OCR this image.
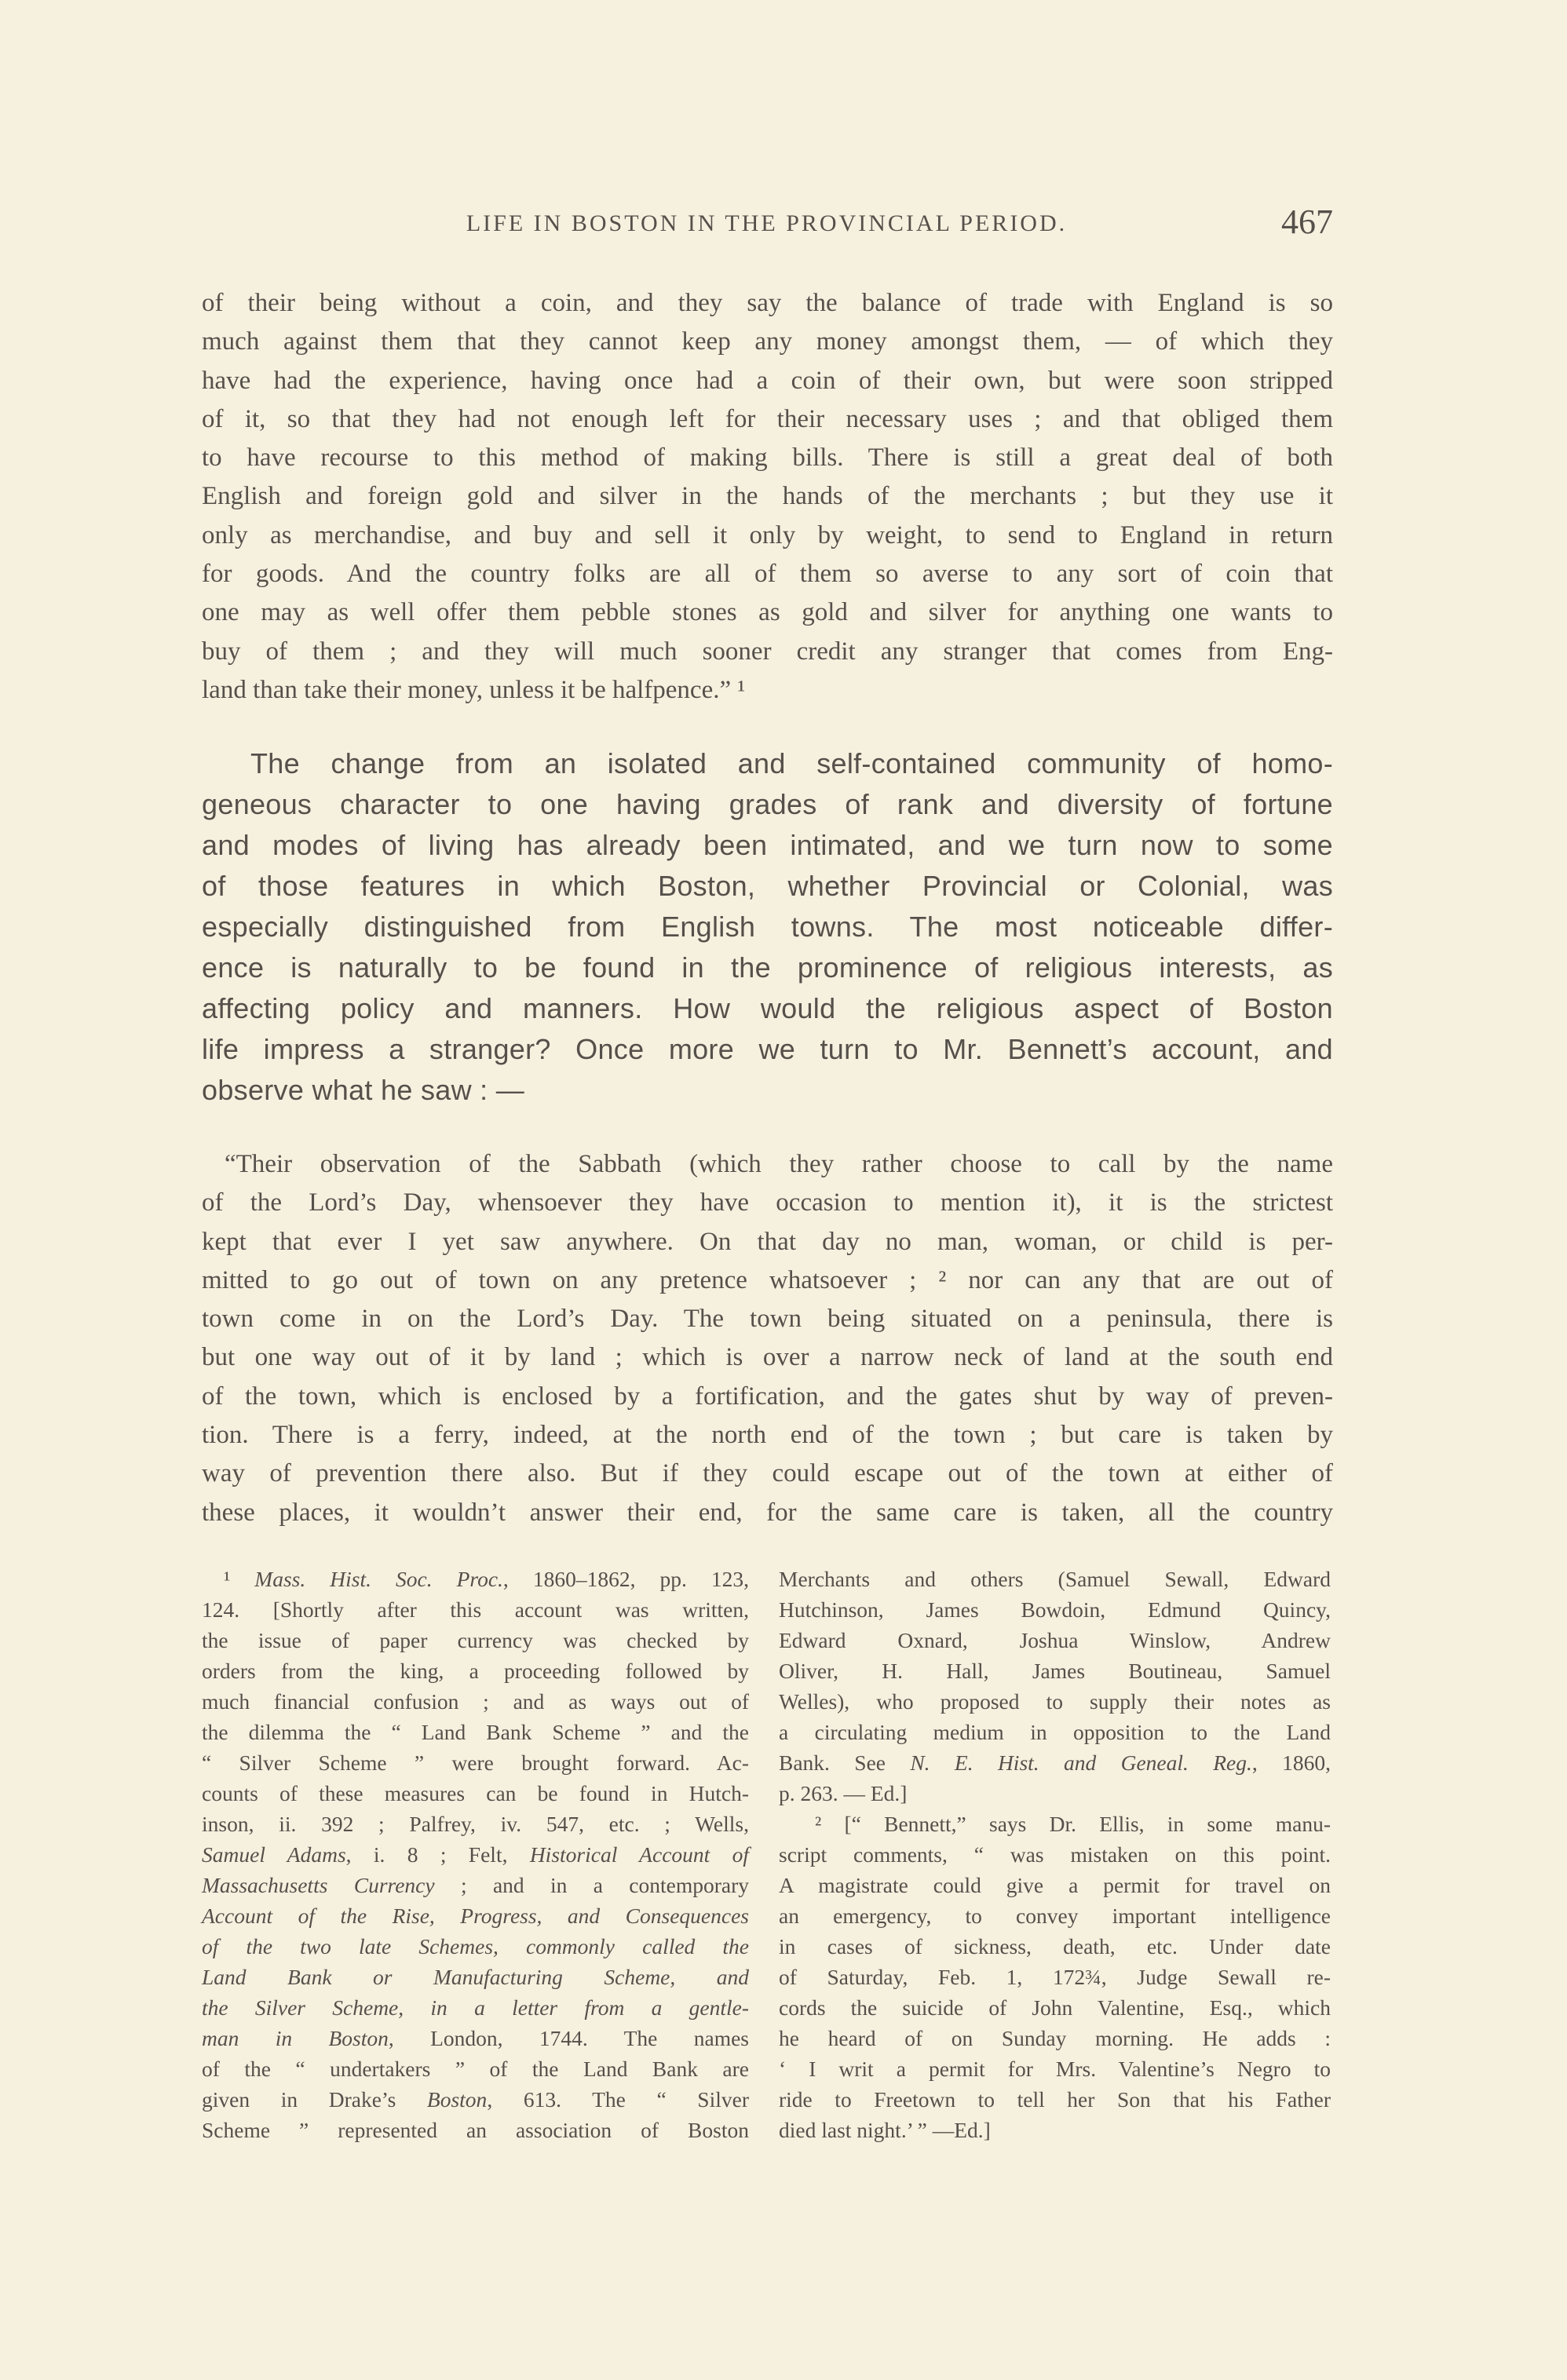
LIFE IN BOSTON IN THE PROVINCIAL PERIOD.	467
of their being without a coin, and they say the balance of trade with England is so
much against them that they cannot keep any money amongst them, — of which they
have had the experience, having once had a coin of their own, but were soon stripped
of it, so that they had not enough left for their necessary uses ; and that obliged them
to have recourse to this method of making bills. There is still a great deal of both
English and foreign gold and silver in the hands of the merchants ; but they use it
only as merchandise, and buy and sell it only by weight, to send to England in return
for goods. And the country folks are all of them so averse to any sort of coin that
one may as well offer them pebble stones as gold and silver for anything one wants to
buy of them ; and they will much sooner credit any stranger that comes from Eng-
land than take their money, unless it be halfpence.” ¹
The change from an isolated and self-contained community of homo-
geneous character to one having grades of rank and diversity of fortune
and modes of living has already been intimated, and we turn now to some
of those features in which Boston, whether Provincial or Colonial, was
especially distinguished from English towns. The most noticeable differ-
ence is naturally to be found in the prominence of religious interests, as
affecting policy and manners. How would the religious aspect of Boston
life impress a stranger? Once more we turn to Mr. Bennett’s account, and
observe what he saw : —
“Their observation of the Sabbath (which they rather choose to call by the name
of the Lord’s Day, whensoever they have occasion to mention it), it is the strictest
kept that ever I yet saw anywhere. On that day no man, woman, or child is per-
mitted to go out of town on any pretence whatsoever ; ² nor can any that are out of
town come in on the Lord’s Day. The town being situated on a peninsula, there is
but one way out of it by land ; which is over a narrow neck of land at the south end
of the town, which is enclosed by a fortification, and the gates shut by way of preven-
tion. There is a ferry, indeed, at the north end of the town ; but care is taken by
way of prevention there also. But if they could escape out of the town at either of
these places, it wouldn’t answer their end, for the same care is taken, all the country
¹ Mass. Hist. Soc. Proc., 1860–1862, pp. 123,
124. [Shortly after this account was written,
the issue of paper currency was checked by
orders from the king, a proceeding followed by
much financial confusion ; and as ways out of
the dilemma the “ Land Bank Scheme ” and the
“ Silver Scheme ” were brought forward. Ac-
counts of these measures can be found in Hutch-
inson, ii. 392 ; Palfrey, iv. 547, etc. ; Wells,
Samuel Adams, i. 8 ; Felt, Historical Account of
Massachusetts Currency ; and in a contemporary
Account of the Rise, Progress, and Consequences
of the two late Schemes, commonly called the
Land Bank or Manufacturing Scheme, and
the Silver Scheme, in a letter from a gentle-
man in Boston, London, 1744. The names
of the “ undertakers ” of the Land Bank are
given in Drake’s Boston, 613. The “ Silver
Scheme ” represented an association of Boston
Merchants and others (Samuel Sewall, Edward
Hutchinson, James Bowdoin, Edmund Quincy,
Edward Oxnard, Joshua Winslow, Andrew
Oliver, H. Hall, James Boutineau, Samuel
Welles), who proposed to supply their notes as
a circulating medium in opposition to the Land
Bank. See N. E. Hist. and Geneal. Reg., 1860,
p. 263. — Ed.]
² [“ Bennett,” says Dr. Ellis, in some manu-
script comments, “ was mistaken on this point.
A magistrate could give a permit for travel on
an emergency, to convey important intelligence
in cases of sickness, death, etc. Under date
of Saturday, Feb. 1, 172¾, Judge Sewall re-
cords the suicide of John Valentine, Esq., which
he heard of on Sunday morning. He adds :
‘ I writ a permit for Mrs. Valentine’s Negro to
ride to Freetown to tell her Son that his Father
died last night.’ ” —Ed.]
